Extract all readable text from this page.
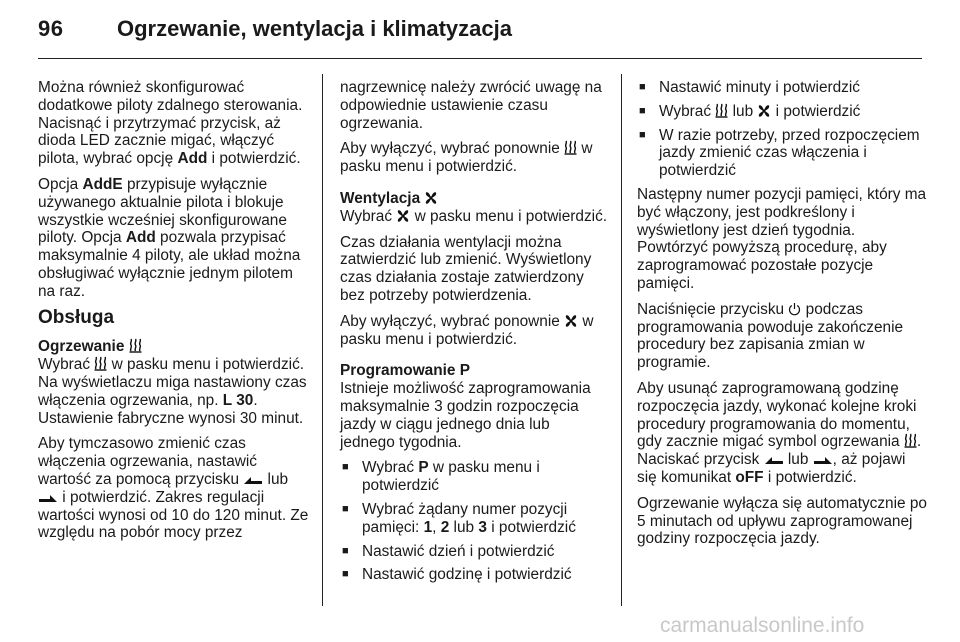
96 Ogrzewanie, wentylacja i klimatyzacja

Można również skonfigurować dodatkowe piloty zdalnego sterowania. Nacisnąć i przytrzymać przycisk, aż dioda LED zacznie migać, włączyć pilota, wybrać opcję Add i potwierdzić.

Opcja AddE przypisuje wyłącznie używanego aktualnie pilota i blokuje wszystkie wcześniej skonfigurowane piloty. Opcja Add pozwala przypisać maksymalnie 4 piloty, ale układ można obsługiwać wyłącznie jednym pilotem na raz.

Obsługa
Ogrzewanie

Wybrać
w pasku menu i potwierdzić. Na wyświetlaczu miga nastawiony czas włączenia ogrzewania, np. L 30. Ustawienie fabryczne wynosi 30 minut.

Aby tymczasowo zmienić czas włączenia ogrzewania, nastawić wartość za pomocą przycisku
lub
i potwierdzić. Zakres regulacji wartości wynosi od 10 do 120 minut. Ze względu na pobór mocy przez

nagrzewnicę należy zwrócić uwagę na odpowiednie ustawienie czasu ogrzewania.

Aby wyłączyć, wybrać ponownie
w pasku menu i potwierdzić.

Wentylacja

Wybrać
w pasku menu i potwierdzić.

Czas działania wentylacji można zatwierdzić lub zmienić. Wyświetlony czas działania zostaje zatwierdzony bez potrzeby potwierdzenia.

Aby wyłączyć, wybrać ponownie
w pasku menu i potwierdzić.

Programowanie P

Istnieje możliwość zaprogramowania maksymalnie 3 godzin rozpoczęcia jazdy w ciągu jednego dnia lub jednego tygodnia.

■ Wybrać P w pasku menu i potwierdzić
■ Wybrać żądany numer pozycji pamięci: 1, 2 lub 3 i potwierdzić
■ Nastawić dzień i potwierdzić
■ Nastawić godzinę i potwierdzić
■ Nastawić minuty i potwierdzić
■ Wybrać
lub
i potwierdzić
■ W razie potrzeby, przed rozpoczęciem jazdy zmienić czas włączenia i potwierdzić

Następny numer pozycji pamięci, który ma być włączony, jest podkreślony i wyświetlony jest dzień tygodnia. Powtórzyć powyższą procedurę, aby zaprogramować pozostałe pozycje pamięci.

Naciśnięcie przycisku
podczas programowania powoduje zakończenie procedury bez zapisania zmian w programie.

Aby usunąć zaprogramowaną godzinę rozpoczęcia jazdy, wykonać kolejne kroki procedury programowania do momentu, gdy zacznie migać symbol ogrzewania
. Naciskać przycisk
lub
, aż pojawi się komunikat oFF i potwierdzić.

Ogrzewanie wyłącza się automatycznie po 5 minutach od upływu zaprogramowanej godziny rozpoczęcia jazdy.

carmanualsonline.info
